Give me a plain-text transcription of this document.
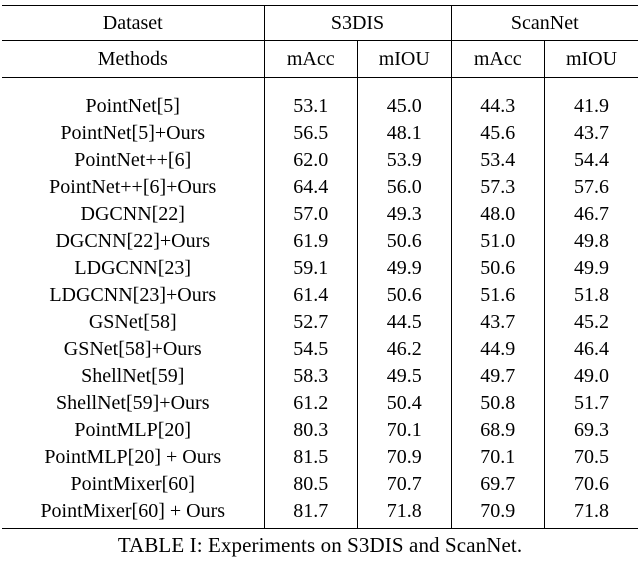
Dataset	S3DIS		ScanNet	
Methods	mAcc	mIOU	mAcc	mIOU
PointNet[5]	53.1	45.0	44.3	41.9
PointNet[5]+Ours	56.5	48.1	45.6	43.7
PointNet++[6]	62.0	53.9	53.4	54.4
PointNet++[6]+Ours	64.4	56.0	57.3	57.6
DGCNN[22]	57.0	49.3	48.0	46.7
DGCNN[22]+Ours	61.9	50.6	51.0	49.8
LDGCNN[23]	59.1	49.9	50.6	49.9
LDGCNN[23]+Ours	61.4	50.6	51.6	51.8
GSNet[58]	52.7	44.5	43.7	45.2
GSNet[58]+Ours	54.5	46.2	44.9	46.4
ShellNet[59]	58.3	49.5	49.7	49.0
ShellNet[59]+Ours	61.2	50.4	50.8	51.7
PointMLP[20]	80.3	70.1	68.9	69.3
PointMLP[20] + Ours	81.5	70.9	70.1	70.5
PointMixer[60]	80.5	70.7	69.7	70.6
PointMixer[60] + Ours	81.7	71.8	70.9	71.8
TABLE I: Experiments on S3DIS and ScanNet.
